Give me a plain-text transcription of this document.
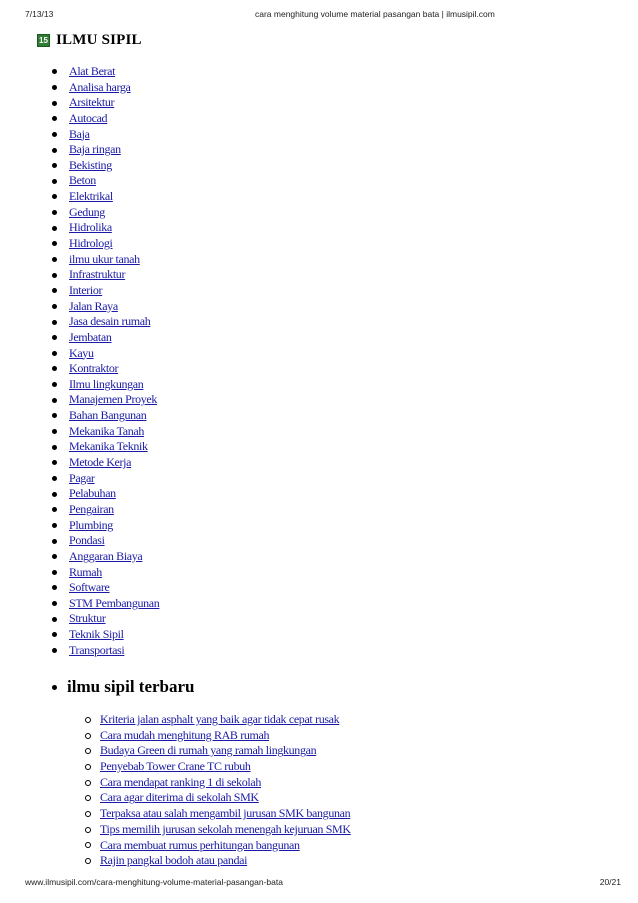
7/13/13	cara menghitung volume material pasangan bata | ilmusipil.com
15 ILMU SIPIL
Alat Berat
Analisa harga
Arsitektur
Autocad
Baja
Baja ringan
Bekisting
Beton
Elektrikal
Gedung
Hidrolika
Hidrologi
ilmu ukur tanah
Infrastruktur
Interior
Jalan Raya
Jasa desain rumah
Jembatan
Kayu
Kontraktor
Ilmu lingkungan
Manajemen Proyek
Bahan Bangunan
Mekanika Tanah
Mekanika Teknik
Metode Kerja
Pagar
Pelabuhan
Pengairan
Plumbing
Pondasi
Anggaran Biaya
Rumah
Software
STM Pembangunan
Struktur
Teknik Sipil
Transportasi
ilmu sipil terbaru
Kriteria jalan asphalt yang baik agar tidak cepat rusak
Cara mudah menghitung RAB rumah
Budaya Green di rumah yang ramah lingkungan
Penyebab Tower Crane TC rubuh
Cara mendapat ranking 1 di sekolah
Cara agar diterima di sekolah SMK
Terpaksa atau salah mengambil jurusan SMK bangunan
Tips memilih jurusan sekolah menengah kejuruan SMK
Cara membuat rumus perhitungan bangunan
Rajin pangkal bodoh atau pandai
www.ilmusipil.com/cara-menghitung-volume-material-pasangan-bata	20/21
